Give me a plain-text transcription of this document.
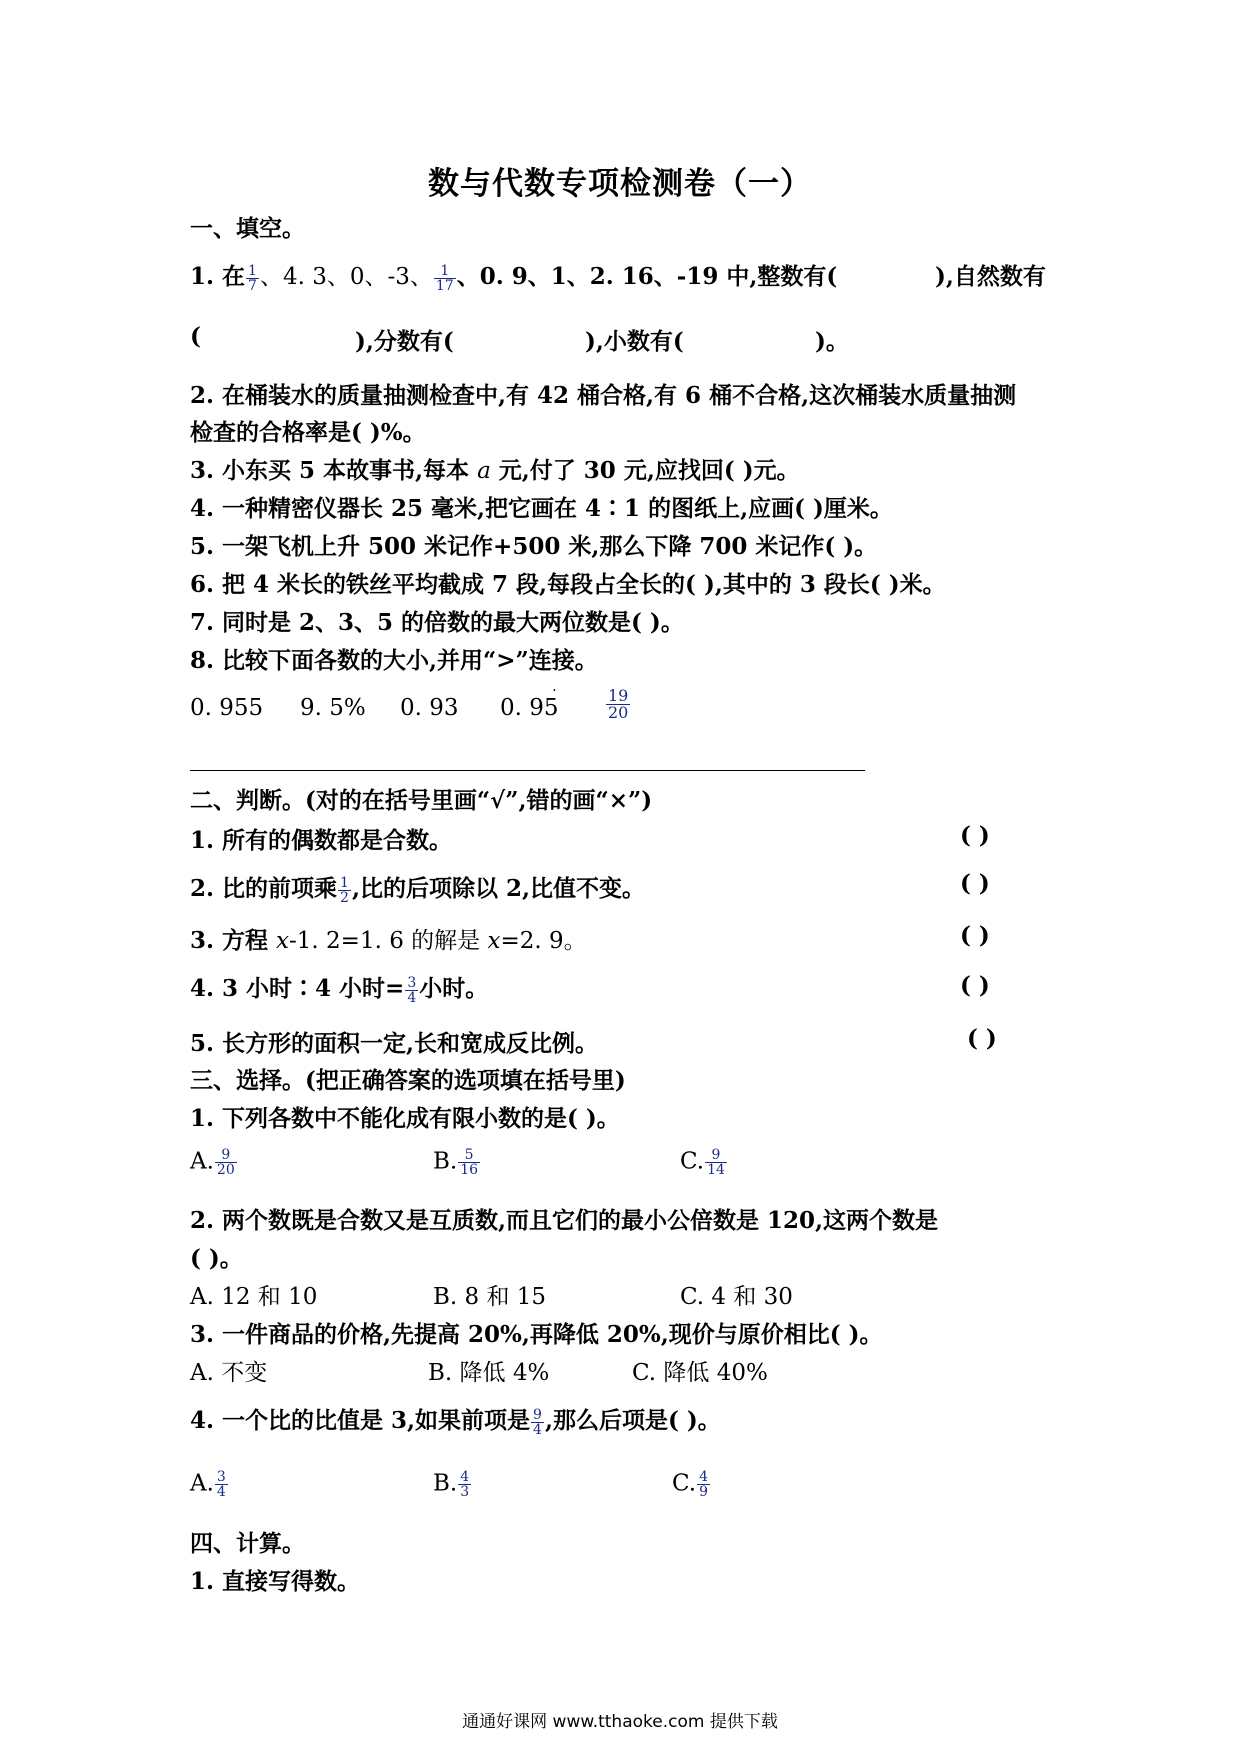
数与代数专项检测卷（一）
一、填空。
1. 在 $\frac{1}{7}$ 、4. 3、0、-3、 $\frac{1}{17}$ 、0. 9、1、2. 16、-19 中,整数有(	),自然数有
(	),分数有(	),小数有(	)。
2. 在桶装水的质量抽测检查中,有 42 桶合格,有 6 桶不合格,这次桶装水质量抽测
检查的合格率是( )%。
3. 小东买 5 本故事书,每本 a 元,付了 30 元,应找回( )元。
4. 一种精密仪器长 25 毫米,把它画在 4∶1 的图纸上,应画( )厘米。
5. 一架飞机上升 500 米记作+500 米,那么下降 700 米记作( )。
6. 把 4 米长的铁丝平均截成 7 段,每段占全长的( ),其中的 3 段长( )米。
7. 同时是 2、3、5 的倍数的最大两位数是( )。
8. 比较下面各数的大小,并用“>”连接。
0. 955 9. 5% 0. 93 0. 95
·	$\frac{19}{20}$
二、判断。(对的在括号里画“√”,错的画“×”)
1. 所有的偶数都是合数。	( )
2. 比的前项乘 $\frac{1}{2}$ ,比的后项除以 2,比值不变。	( )
3. 方程 x-1. 2=1. 6 的解是 x=2. 9。	( )
4. 3 小时∶4 小时= $\frac{3}{4}$ 小时。	( )
5. 长方形的面积一定,长和宽成反比例。	( )
三、选择。(把正确答案的选项填在括号里)
1. 下列各数中不能化成有限小数的是( )。
A. $\frac{9}{20}$	B. $\frac{5}{16}$	C. $\frac{9}{14}$
2. 两个数既是合数又是互质数,而且它们的最小公倍数是 120,这两个数是
( )。
A. 12 和 10	B. 8 和 15	C. 4 和 30
3. 一件商品的价格,先提高 20%,再降低 20%,现价与原价相比( )。
A. 不变	B. 降低 4%	C. 降低 40%
4. 一个比的比值是 3,如果前项是 $\frac{9}{4}$ ,那么后项是( )。
A. $\frac{3}{4}$	B. $\frac{4}{3}$	C. $\frac{4}{9}$
四、计算。
1. 直接写得数。
通通好课网 www.tthaoke.com 提供下载
